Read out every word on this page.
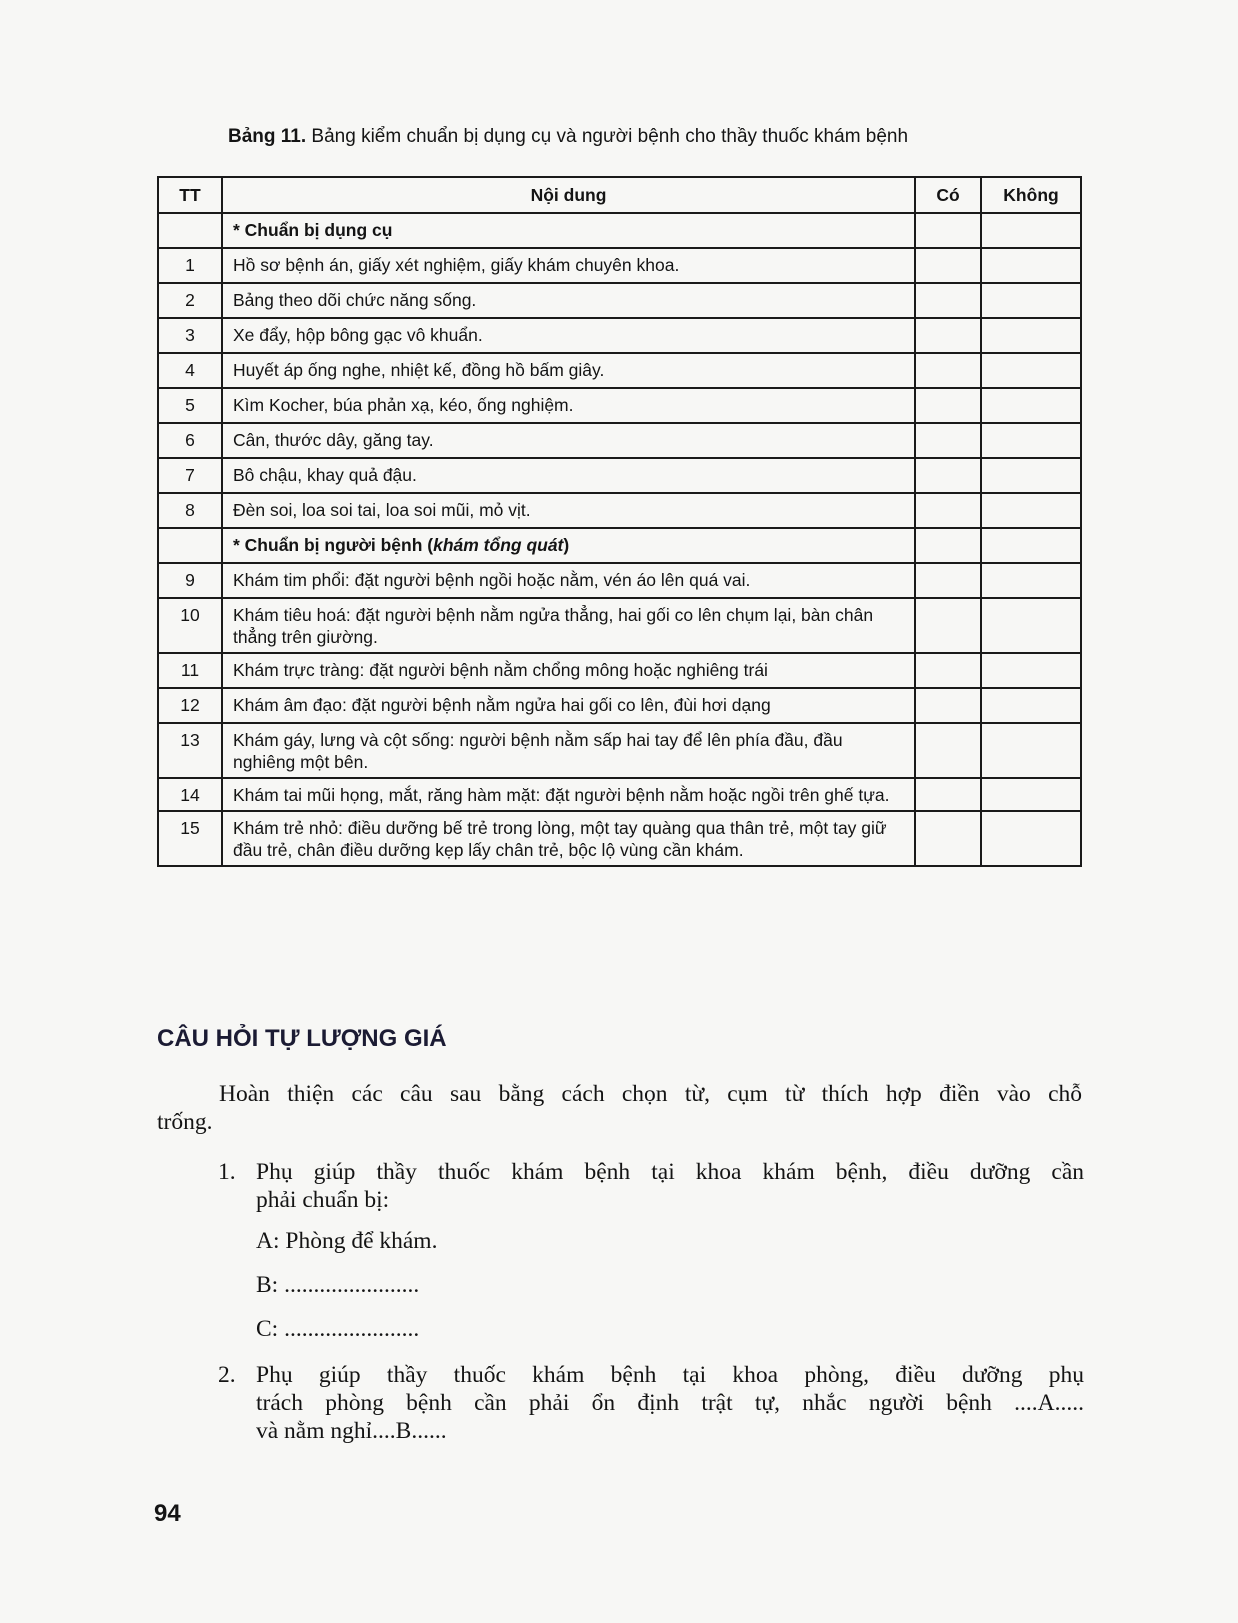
Bảng 11. Bảng kiểm chuẩn bị dụng cụ và người bệnh cho thầy thuốc khám bệnh
TT	Nội dung	Có	Không
	* Chuẩn bị dụng cụ		
1	Hồ sơ bệnh án, giấy xét nghiệm, giấy khám chuyên khoa.		
2	Bảng theo dõi chức năng sống.		
3	Xe đẩy, hộp bông gạc vô khuẩn.		
4	Huyết áp ống nghe, nhiệt kế, đồng hồ bấm giây.		
5	Kìm Kocher, búa phản xạ, kéo, ống nghiệm.		
6	Cân, thước dây, găng tay.		
7	Bô chậu, khay quả đậu.		
8	Đèn soi, loa soi tai, loa soi mũi, mỏ vịt.		
	* Chuẩn bị người bệnh (khám tổng quát)		
9	Khám tim phổi: đặt người bệnh ngồi hoặc nằm, vén áo lên quá vai.		
10	Khám tiêu hoá: đặt người bệnh nằm ngửa thẳng, hai gối co lên chụm lại, bàn chân thẳng trên giường.		
11	Khám trực tràng: đặt người bệnh nằm chổng mông hoặc nghiêng trái		
12	Khám âm đạo: đặt người bệnh nằm ngửa hai gối co lên, đùi hơi dạng		
13	Khám gáy, lưng và cột sống: người bệnh nằm sấp hai tay để lên phía đầu, đầu nghiêng một bên.		
14	Khám tai mũi họng, mắt, răng hàm mặt: đặt người bệnh nằm hoặc ngồi trên ghế tựa.		
15	Khám trẻ nhỏ: điều dưỡng bế trẻ trong lòng, một tay quàng qua thân trẻ, một tay giữ đầu trẻ, chân điều dưỡng kẹp lấy chân trẻ, bộc lộ vùng cần khám.		
CÂU HỎI TỰ LƯỢNG GIÁ
Hoàn thiện các câu sau bằng cách chọn từ, cụm từ thích hợp điền vào chỗ
trống.
1. Phụ giúp thầy thuốc khám bệnh tại khoa khám bệnh, điều dưỡng cần
phải chuẩn bị:
A: Phòng để khám.
B: .......................
C: .......................
2. Phụ giúp thầy thuốc khám bệnh tại khoa phòng, điều dưỡng phụ
trách phòng bệnh cần phải ổn định trật tự, nhắc người bệnh ....A.....
và nằm nghỉ....B......
94
